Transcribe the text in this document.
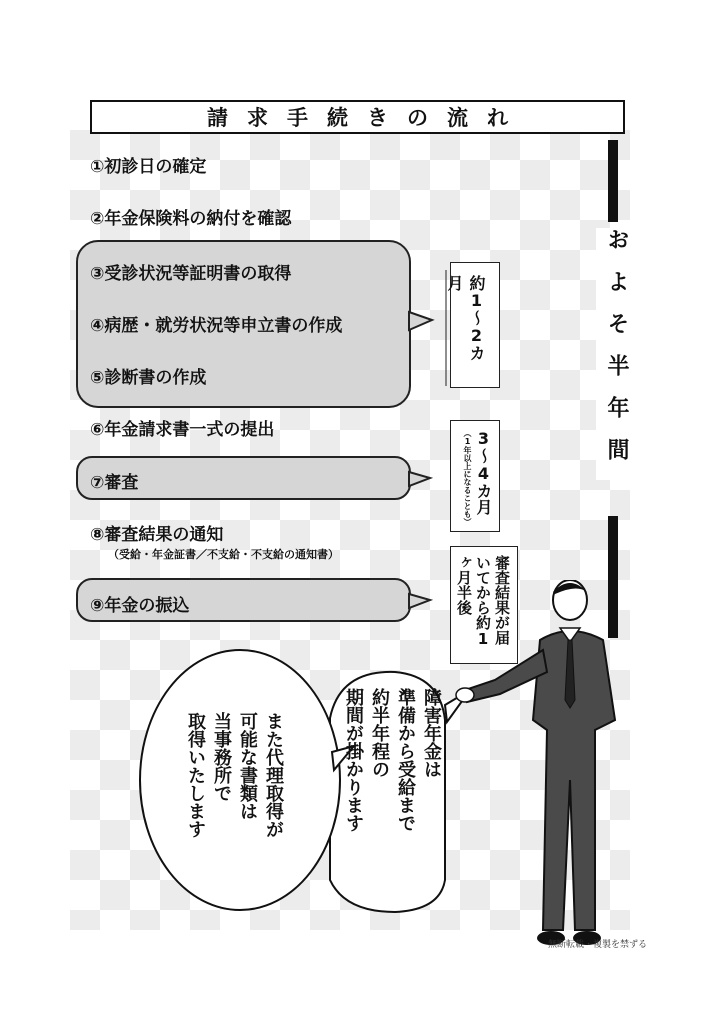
請求手続きの流れ
①初診日の確定
②年金保険料の納付を確認
③受診状況等証明書の取得
④病歴・就労状況等申立書の作成
⑤診断書の作成
⑥年金請求書一式の提出
⑦審査
⑧審査結果の通知
（受給・年金証書／不支給・不支給の通知書）
⑨年金の振込
約1〜2カ月
3〜4カ月
（1年以上になることも）
審査結果が届いてから約1ヶ月半後
およそ半年間
障害年金は
準備から受給まで
約半年程の
期間が掛かります
また代理取得が
可能な書類は
当事務所で
取得いたします
無断転載・複製を禁ずる
